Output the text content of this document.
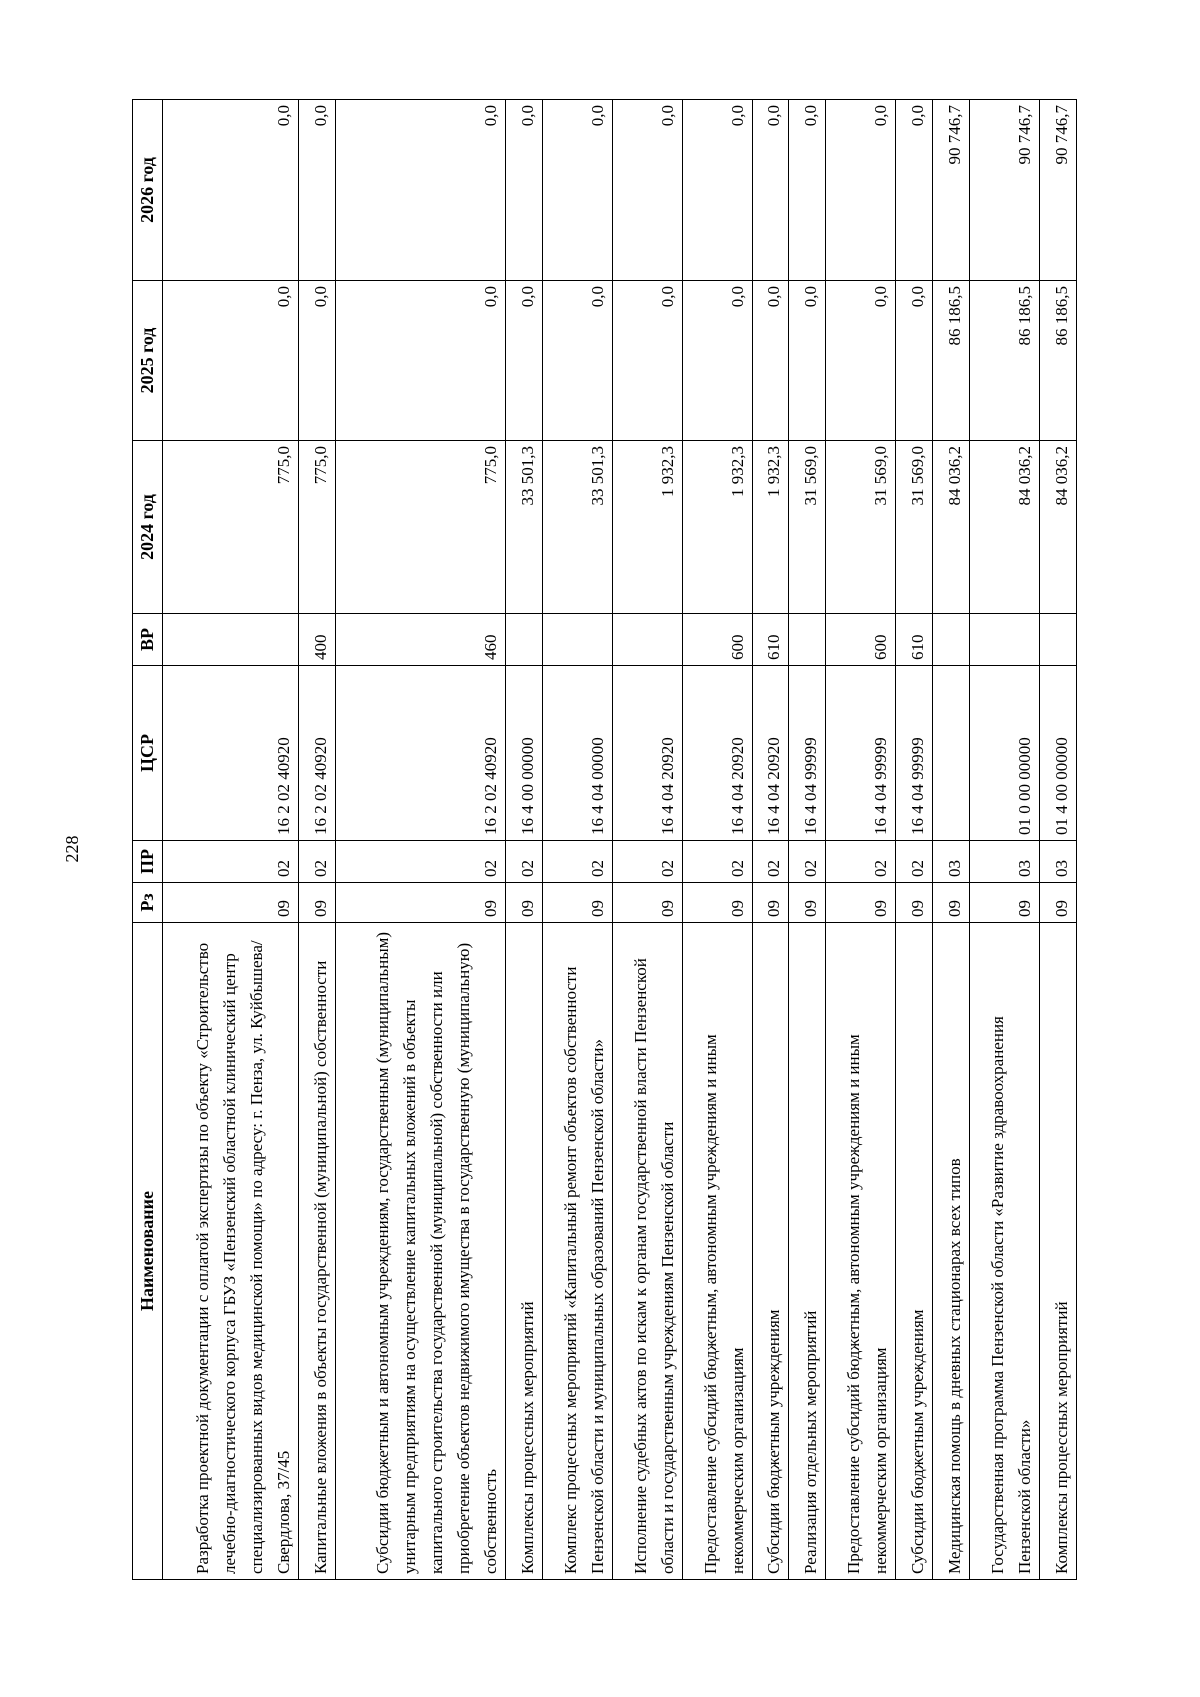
228
Наименование	Рз	ПР	ЦСР	ВР	2024 год	2025 год	2026 год
Разработка проектной документации с оплатой экспертизы по объекту «Строительство лечебно-диагностического корпуса ГБУЗ «Пензенский областной клинический центр специализированных видов медицинской помощи» по адресу: г. Пенза, ул. Куйбышева/Свердлова, 37/45	09	02	16 2 02 40920		775,0	0,0	0,0
Капитальные вложения в объекты государственной (муниципальной) собственности	09	02	16 2 02 40920	400	775,0	0,0	0,0
Субсидии бюджетным и автономным учреждениям, государственным (муниципальным) унитарным предприятиям на осуществление капитальных вложений в объекты капитального строительства государственной (муниципальной) собственности или приобретение объектов недвижимого имущества в государственную (муниципальную) собственность	09	02	16 2 02 40920	460	775,0	0,0	0,0
Комплексы процессных мероприятий	09	02	16 4 00 00000		33 501,3	0,0	0,0
Комплекс процессных мероприятий «Капитальный ремонт объектов собственности Пензенской области и муниципальных образований Пензенской области»	09	02	16 4 04 00000		33 501,3	0,0	0,0
Исполнение судебных актов по искам к органам государственной власти Пензенской области и государственным учреждениям Пензенской области	09	02	16 4 04 20920		1 932,3	0,0	0,0
Предоставление субсидий бюджетным, автономным учреждениям и иным некоммерческим организациям	09	02	16 4 04 20920	600	1 932,3	0,0	0,0
Субсидии бюджетным учреждениям	09	02	16 4 04 20920	610	1 932,3	0,0	0,0
Реализация отдельных мероприятий	09	02	16 4 04 99999		31 569,0	0,0	0,0
Предоставление субсидий бюджетным, автономным учреждениям и иным некоммерческим организациям	09	02	16 4 04 99999	600	31 569,0	0,0	0,0
Субсидии бюджетным учреждениям	09	02	16 4 04 99999	610	31 569,0	0,0	0,0
Медицинская помощь в дневных стационарах всех типов	09	03			84 036,2	86 186,5	90 746,7
Государственная программа Пензенской области «Развитие здравоохранения Пензенской области»	09	03	01 0 00 00000		84 036,2	86 186,5	90 746,7
Комплексы процессных мероприятий	09	03	01 4 00 00000		84 036,2	86 186,5	90 746,7
